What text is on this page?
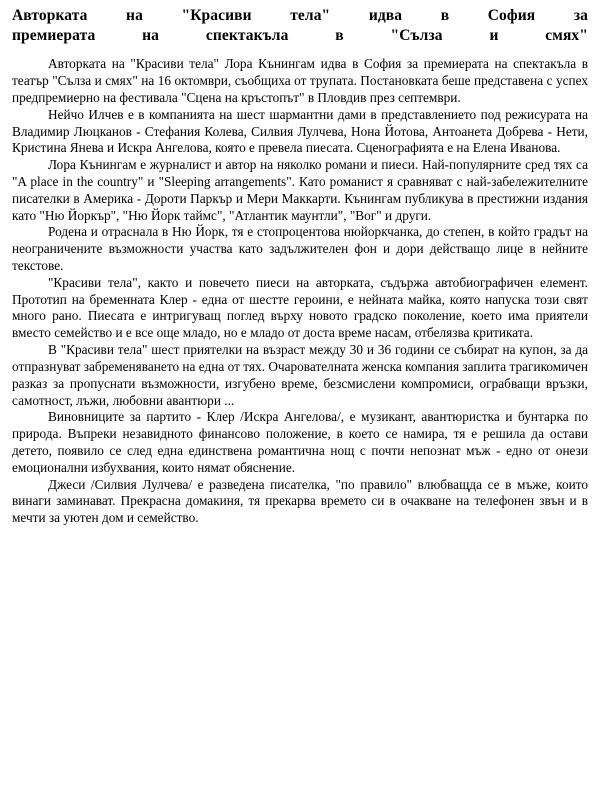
Авторката на "Красиви тела" идва в София за
премиерата на спектакъла в "Сълза и смях"

Авторката на "Красиви тела" Лора Кънингам идва в София за премиерата на спектакъла в театър "Сълза и смях" на 16 октомври, съобщиха от трупата. Постановката беше представена с успех предпремиерно на фестивала "Сцена на кръстопът" в Пловдив през септември.

Нейчо Илчев е в компанията на шест шармантни дами в представлението под режисурата на Владимир Люцканов - Стефания Колева, Силвия Лулчева, Нона Йотова, Антоанета Добрева - Нети, Кристина Янева и Искра Ангелова, която е превела пиесата. Сценографията е на Елена Иванова.

Лора Кънингам е журналист и автор на няколко романи и пиеси. Най-популярните сред тях са "A place in the country" и "Sleeping arrangements". Като романист я сравняват с най-забележителните писателки в Америка - Дороти Паркър и Мери Маккарти. Кънингам публикува в престижни издания като "Ню Йоркър", "Ню Йорк таймс", "Атлантик маунтли", "Вог" и други.

Родена и отраснала в Ню Йорк, тя е стопроцентова нюйоркчанка, до степен, в който градът на неограничените възможности участва като задължителен фон и дори действащо лице в нейните текстове.

"Красиви тела", както и повечето пиеси на авторката, съдържа автобиографичен елемент. Прототип на бременната Клер - една от шестте героини, е нейната майка, която напуска този свят много рано. Пиесата е интригуващ поглед върху новото градско поколение, което има приятели вместо семейство и е все още младо, но е младо от доста време насам, отбелязва критиката.

В "Красиви тела" шест приятелки на възраст между 30 и 36 години се събират на купон, за да отпразнуват забременяването на една от тях. Очарователната женска компания заплита трагикомичен разказ за пропуснати възможности, изгубено време, безсмислени компромиси, ограбващи връзки, самотност, лъжи, любовни авантюри ...

Виновниците за партито - Клер /Искра Ангелова/, е музикант, авантюристка и бунтарка по природа. Въпреки незавидното финансово положение, в което се намира, тя е решила да остави детето, появило се след една единствена романтична нощ с почти непознат мъж - едно от онези емоционални избухвания, които нямат обяснение.

Джеси /Силвия Лулчева/ е разведена писателка, "по правило" влюбващда се в мъже, които винаги заминават. Прекрасна домакиня, тя прекарва времето си в очакване на телефонен звън и в мечти за уютен дом и семейство.
